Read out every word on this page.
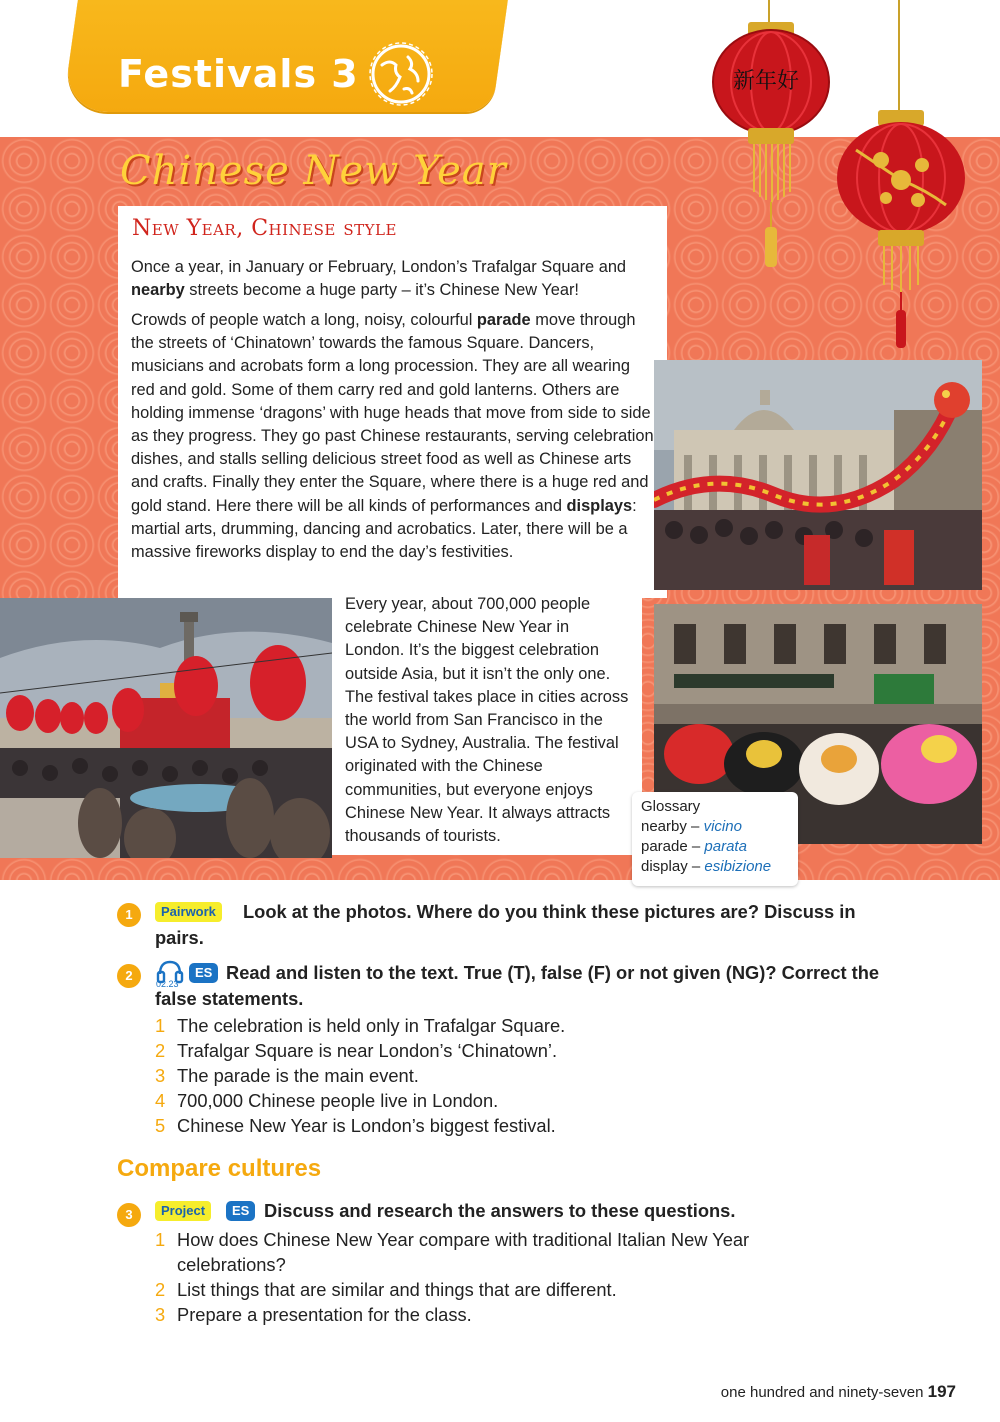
Festivals 3
Chinese New Year
新年好
New Year, Chinese style
Once a year, in January or February, London’s Trafalgar Square and nearby streets become a huge party – it’s Chinese New Year!
Crowds of people watch a long, noisy, colourful parade move through the streets of ‘Chinatown’ towards the famous Square. Dancers, musicians and acrobats form a long procession. They are all wearing red and gold. Some of them carry red and gold lanterns. Others are holding immense ‘dragons’ with huge heads that move from side to side as they progress. They go past Chinese restaurants, serving celebration dishes, and stalls selling delicious street food as well as Chinese arts and crafts. Finally they enter the Square, where there is a huge red and gold stand. Here there will be all kinds of performances and displays: martial arts, drumming, dancing and acrobatics. Later, there will be a massive fireworks display to end the day’s festivities.
Every year, about 700,000 people celebrate Chinese New Year in London. It’s the biggest celebration outside Asia, but it isn’t the only one. The festival takes place in cities across the world from San Francisco in the USA to Sydney, Australia. The festival originated with the Chinese communities, but everyone enjoys Chinese New Year. It always attracts thousands of tourists.
Glossary
nearby – vicino
parade – parata
display – esibizione
1	Pairwork	Look at the photos. Where do you think these pictures are? Discuss in pairs.
2
02.23
ES Read and listen to the text. True (T), false (F) or not given (NG)? Correct the false statements.
1 The celebration is held only in Trafalgar Square.
2 Trafalgar Square is near London’s ‘Chinatown’.
3 The parade is the main event.
4 700,000 Chinese people live in London.
5 Chinese New Year is London’s biggest festival.
Compare cultures
3	Project	ES Discuss and research the answers to these questions.
1 How does Chinese New Year compare with traditional Italian New Year celebrations?
2 List things that are similar and things that are different.
3 Prepare a presentation for the class.
one hundred and ninety-seven 197
